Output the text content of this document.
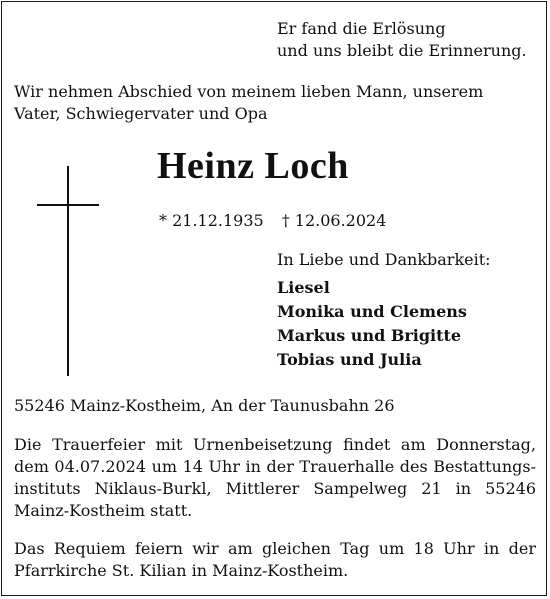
Er fand die Erlösung
und uns bleibt die Erinnerung.
Wir nehmen Abschied von meinem lieben Mann, unserem Vater, Schwiegervater und Opa
Heinz Loch
* 21.12.1935 † 12.06.2024
In Liebe und Dankbarkeit:
Liesel
Monika und Clemens
Markus und Brigitte
Tobias und Julia
55246 Mainz-Kostheim, An der Taunusbahn 26
Die Trauerfeier mit Urnenbeisetzung findet am Donnerstag, dem 04.07.2024 um 14 Uhr in der Trauerhalle des Bestattungsinstituts Niklaus-Burkl, Mittlerer Sampelweg 21 in 55246 Mainz-Kostheim statt.
Das Requiem feiern wir am gleichen Tag um 18 Uhr in der Pfarrkirche St. Kilian in Mainz-Kostheim.
